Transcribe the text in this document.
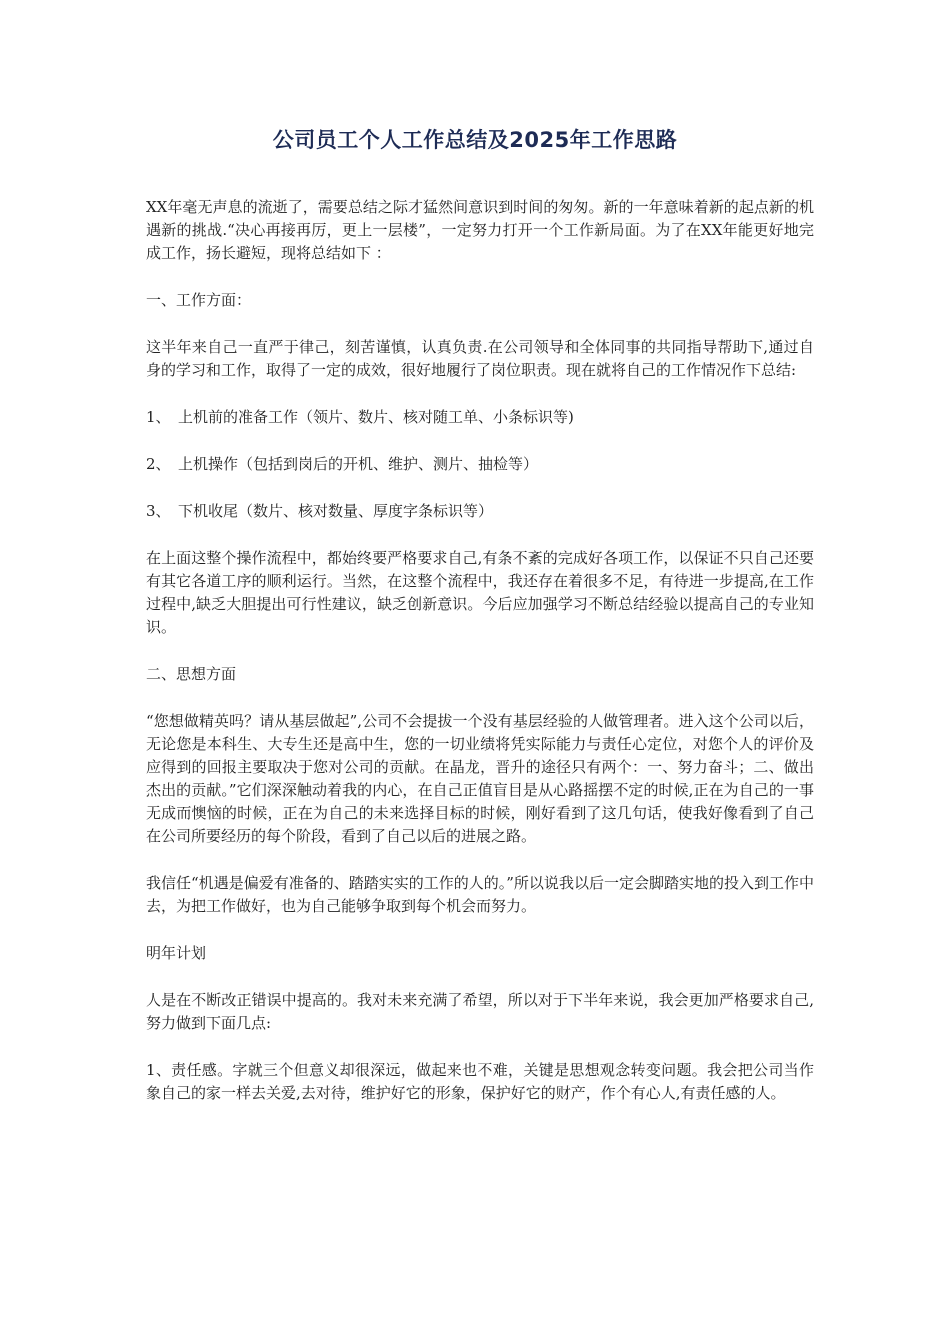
公司员工个人工作总结及2025年工作思路

XX年毫无声息的流逝了，需要总结之际才猛然间意识到时间的匆匆。新的一年意味着新的起点新的机遇新的挑战.“决心再接再厉，更上一层楼”，一定努力打开一个工作新局面。为了在XX年能更好地完成工作，扬长避短，现将总结如下 ：

一、工作方面：

这半年来自己一直严于律己，刻苦谨慎，认真负责.在公司领导和全体同事的共同指导帮助下,通过自身的学习和工作，取得了一定的成效，很好地履行了岗位职责。现在就将自己的工作情况作下总结:

1、 上机前的准备工作（领片、数片、核对随工单、小条标识等)
2、 上机操作（包括到岗后的开机、维护、测片、抽检等）
3、 下机收尾（数片、核对数量、厚度字条标识等）

在上面这整个操作流程中，都始终要严格要求自己,有条不紊的完成好各项工作，以保证不只自己还要有其它各道工序的顺利运行。当然，在这整个流程中，我还存在着很多不足，有待进一步提高,在工作过程中,缺乏大胆提出可行性建议，缺乏创新意识。今后应加强学习不断总结经验以提高自己的专业知识。

二、思想方面

“您想做精英吗？请从基层做起”,公司不会提拔一个没有基层经验的人做管理者。进入这个公司以后，无论您是本科生、大专生还是高中生，您的一切业绩将凭实际能力与责任心定位，对您个人的评价及应得到的回报主要取决于您对公司的贡献。在晶龙，晋升的途径只有两个：一、努力奋斗；二、做出杰出的贡献。”它们深深触动着我的内心，在自己正值盲目是从心路摇摆不定的时候,正在为自己的一事无成而懊恼的时候，正在为自己的未来选择目标的时候，刚好看到了这几句话，使我好像看到了自己在公司所要经历的每个阶段，看到了自己以后的进展之路。

我信任“机遇是偏爱有准备的、踏踏实实的工作的人的。”所以说我以后一定会脚踏实地的投入到工作中去，为把工作做好，也为自己能够争取到每个机会而努力。

明年计划

人是在不断改正错误中提高的。我对未来充满了希望，所以对于下半年来说，我会更加严格要求自己,努力做到下面几点:

1、责任感。字就三个但意义却很深远，做起来也不难，关键是思想观念转变问题。我会把公司当作象自己的家一样去关爱,去对待，维护好它的形象，保护好它的财产，作个有心人,有责任感的人。
